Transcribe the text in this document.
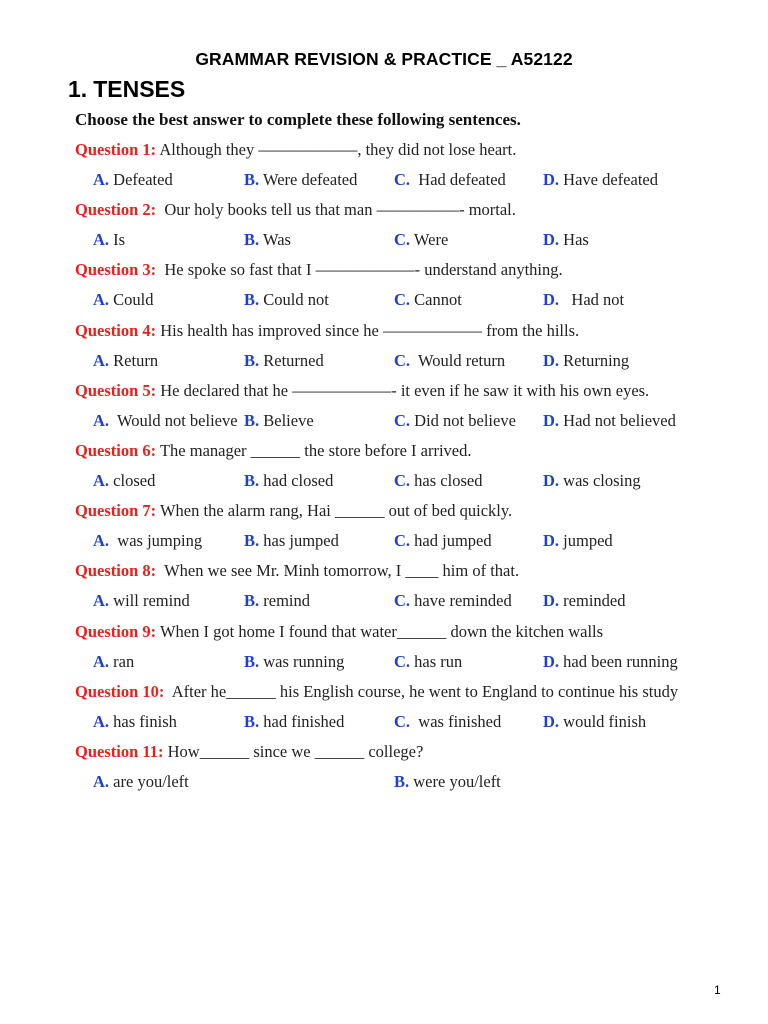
GRAMMAR REVISION & PRACTICE _ A52122
1. TENSES
Choose the best answer to complete these following sentences.
Question 1: Although they ——————, they did not lose heart.
A. Defeated	B. Were defeated C.  Had defeated D. Have defeated
Question 2:  Our holy books tell us that man —————- mortal.
A. Is	B. Was	C. Were	D. Has
Question 3:  He spoke so fast that I ——————- understand anything.
A. Could	B. Could not	C. Cannot	D.   Had not
Question 4: His health has improved since he —————— from the hills.
A. Return	B. Returned	C.  Would return D. Returning
Question 5: He declared that he ——————- it even if he saw it with his own eyes.
A.  Would not believe B. Believe	C. Did not believe D. Had not believed
Question 6: The manager ______ the store before I arrived.
A. closed	B. had closed	C. has closed	D. was closing
Question 7: When the alarm rang, Hai ______ out of bed quickly.
A.  was jumping	B. has jumped	C. had jumped	D. jumped
Question 8:  When we see Mr. Minh tomorrow, I ____ him of that.
A. will remind	B. remind	C. have reminded D. reminded
Question 9: When I got home I found that water______ down the kitchen walls
A. ran	B. was running	C. has run	D. had been running
Question 10:  After he______ his English course, he went to England to continue his study
A. has finish	B. had finished	C.  was finished	D. would finish
Question 11: How______ since we ______ college?
A. are you/left	B. were you/left
1
